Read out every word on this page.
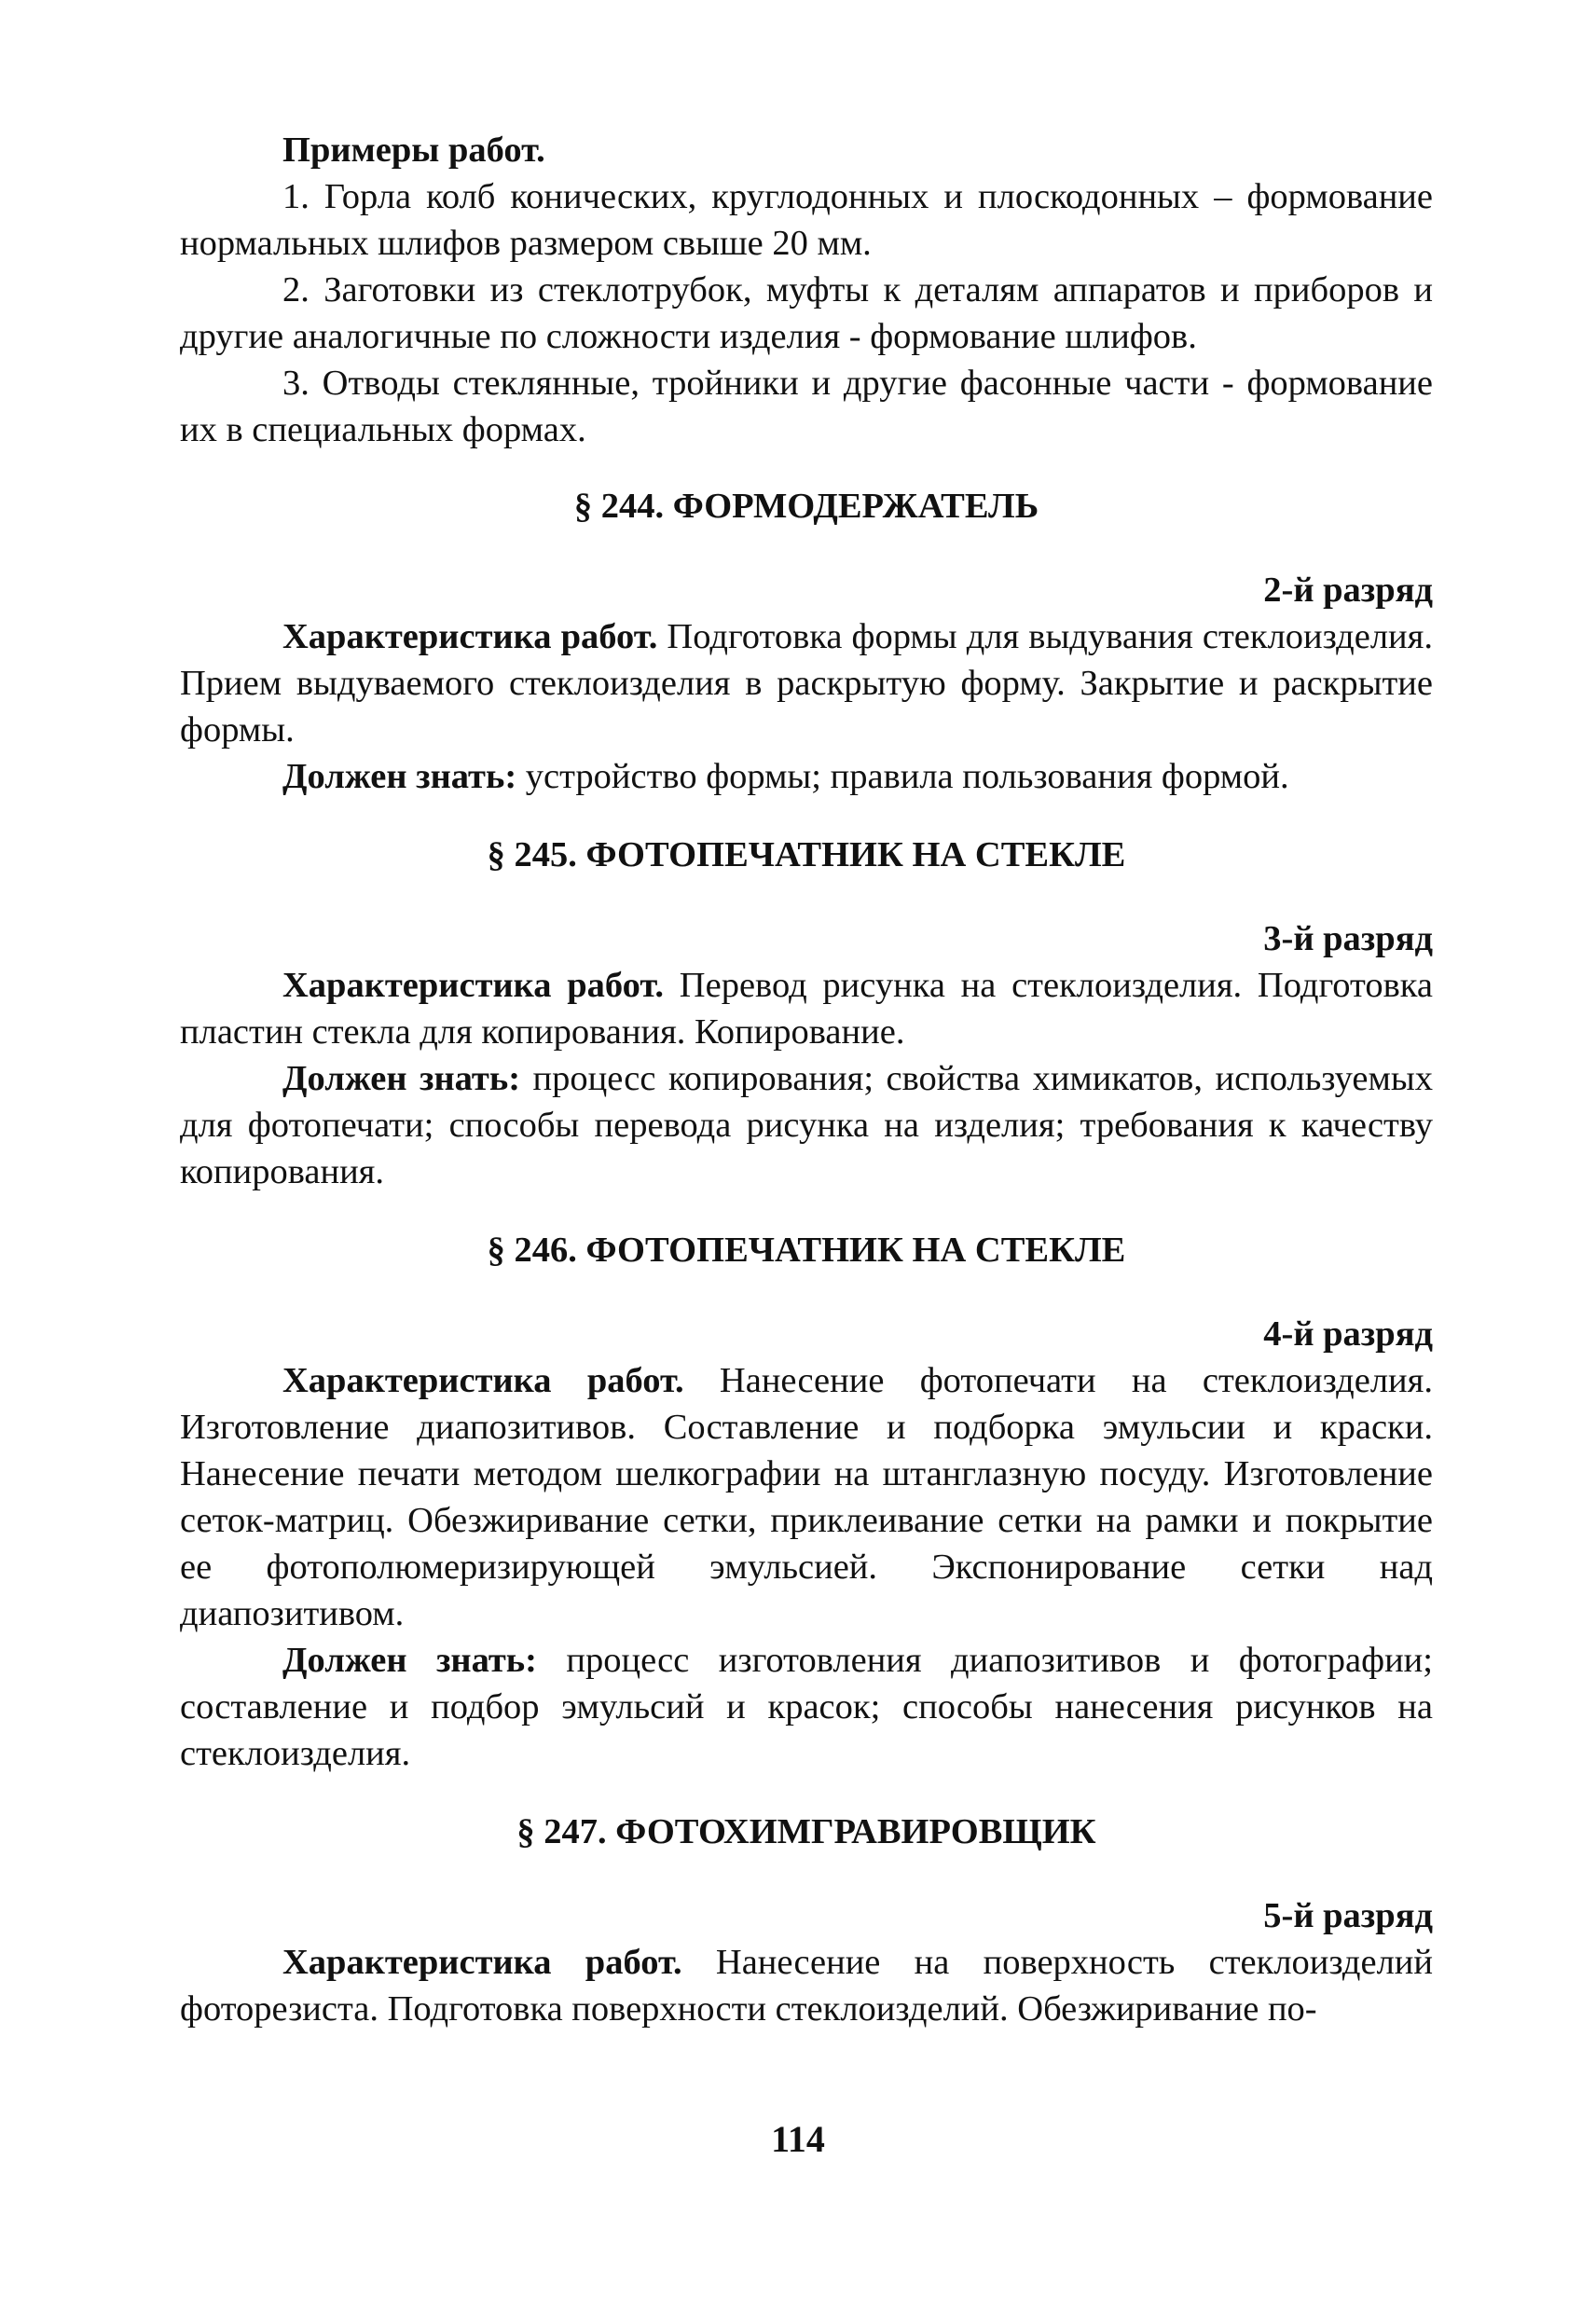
Примеры работ.

1. Горла колб конических, круглодонных и плоскодонных – формование нормальных шлифов размером свыше 20 мм.

2. Заготовки из стеклотрубок, муфты к деталям аппаратов и приборов и другие аналогичные по сложности изделия - формование шлифов.

3. Отводы стеклянные, тройники и другие фасонные части - формование их в специальных формах.

§ 244. ФОРМОДЕРЖАТЕЛЬ

2-й разряд

Характеристика работ. Подготовка формы для выдувания стеклоизделия. Прием выдуваемого стеклоизделия в раскрытую форму. Закрытие и раскрытие формы.

Должен знать: устройство формы; правила пользования формой.

§ 245. ФОТОПЕЧАТНИК НА СТЕКЛЕ

3-й разряд

Характеристика работ. Перевод рисунка на стеклоизделия. Подготовка пластин стекла для копирования. Копирование.

Должен знать: процесс копирования; свойства химикатов, используемых для фотопечати; способы перевода рисунка на изделия; требования к качеству копирования.

§ 246. ФОТОПЕЧАТНИК НА СТЕКЛЕ

4-й разряд

Характеристика работ. Нанесение фотопечати на стеклоизделия. Изготовление диапозитивов. Составление и подборка эмульсии и краски. Нанесение печати методом шелкографии на штанглазную посуду. Изготовление сеток-матриц. Обезжиривание сетки, приклеивание сетки на рамки и покрытие ее фотополюмеризирующей эмульсией. Экспонирование сетки над диапозитивом.

Должен знать: процесс изготовления диапозитивов и фотографии; составление и подбор эмульсий и красок; способы нанесения рисунков на стеклоизделия.

§ 247. ФОТОХИМГРАВИРОВЩИК

5-й разряд

Характеристика работ. Нанесение на поверхность стеклоизделий фоторезиста. Подготовка поверхности стеклоизделий. Обезжиривание по-

114
